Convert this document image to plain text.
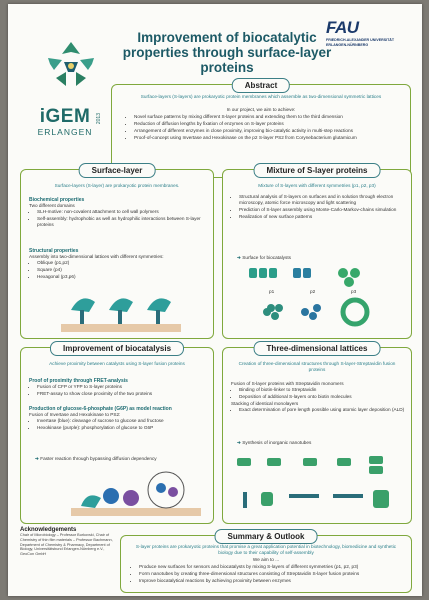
iGEM
ERLANGEN
2013
Improvement of biocatalytic properties through surface-layer proteins
FAU
FRIEDRICH-ALEXANDER UNIVERSITÄT ERLANGEN-NÜRNBERG
Abstract
Surface-layers (S-layers) are prokaryotic protein membranes which assemble as two-dimensional symmetric lattices
In our project, we aim to achieve:
• Novel surface patterns by mixing different S-layer proteins and extending them to the third dimension
• Reduction of diffusion lengths by fixation of enzymes on S-layer proteins
• Arrangement of different enzymes in close proximity, improving bio-catalytic activity in multi-step reactions
• Proof-of-concept using Invertase and Hexokinase on the p2 S-layer PS2 from Corynebacterium glutamicum
Surface-layer
Surface-layers (S-layer) are prokaryotic protein membranes.
Biochemical properties
Two different domains
• SLH-motive: non-covalent attachment to cell wall polymers
• Self-assembly: hydrophobic as well as hydrophilic interactions between S-layer proteins
Structural properties
Assembly into two-dimensional lattices with different symmetries:
• Oblique (p1,p2)
• Square (p4)
• Hexagonal (p3,p6)
Mixture of S-layer proteins
Mixture of S-layers with different symmetries (p1, p2, p3)
• Structural analysis of S-layers on surfaces and in solution through electron microscopy, atomic force microscopy and light scattering
• Prediction of S-layer assembly using Monte-Carlo-Markov-chains simulation
• Realization of new surface patterns
➔ Surface for biocatalysts
p1	p2	p3
Improvement of biocatalysis
Achieve proximity between catalysts using S-layer fusion proteins
Proof of proximity through FRET-analysis
• Fusion of CFP or YFP to S-layer proteins
• FRET-assay to show close proximity of the two proteins
Production of glucose-6-phosphate (G6P) as model reaction
Fusion of Invertase and Hexokinase to PS2:
• Invertase (blue): cleavage of sucrose to glucose and fructose
• Hexokinase (purple): phosphorylation of glucose to G6P
➔ Faster reaction through bypassing diffusion dependency
Three-dimensional lattices
Creation of three-dimensional structures through S-layer-Streptavidin fusion proteins
Fusion of S-layer proteins with Streptavidin monomers
• Binding of biotin-linker to Streptavidin
• Deposition of additional S-layers onto biotin molecules
Stacking of identical monolayers
• Exact determination of pore length possible using atomic layer deposition (ALD)
➔ Synthesis of inorganic nanotubes
Acknowledgements
Chair of Microbiology – Professor Burkovski, Chair of Chemistry of thin film materials – Professor Bachmann, Department of Chemistry & Pharmacy, Department of Biology, Universitätsbund Erlangen-Nürnberg e.V., GeoCon GmbH
Summary & Outlook
S-layer proteins are prokaryotic proteins that promise a great application potential in biotechnology, biomedicine and synthetic biology due to their capability of self-assembly
We aim to ...
• Produce new surfaces for sensors and biocatalysts by mixing S-layers of different symmetries (p1, p2, p3)
• Form nanotubes by creating three-dimensional structures consisting of Streptavidin S-layer fusion proteins
• Improve biocatalytical reactions by achieving proximity between enzymes
